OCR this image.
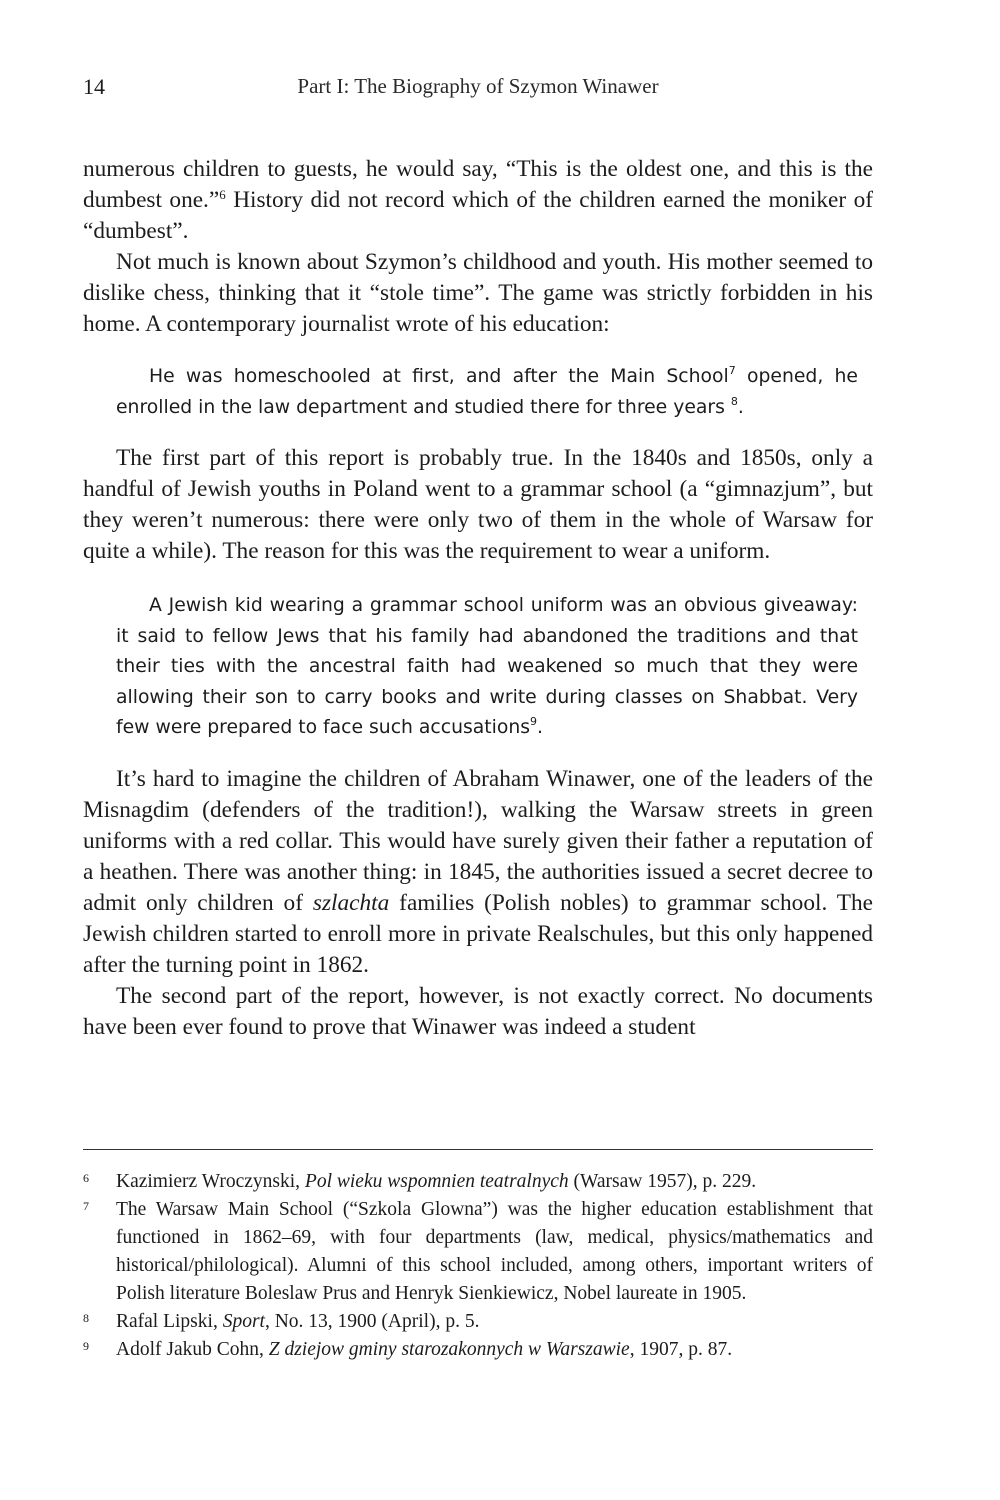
14	Part I: The Biography of Szymon Winawer

numerous children to guests, he would say, “This is the oldest one, and this is the dumbest one.”$^6$ History did not record which of the children earned the moniker of “dumbest”.

Not much is known about Szymon’s childhood and youth. His mother seemed to dislike chess, thinking that it “stole time”. The game was strictly forbidden in his home. A contemporary journalist wrote of his education:

He was homeschooled at first, and after the Main School$^7$ opened, he enrolled in the law department and studied there for three years $^8$.

The first part of this report is probably true. In the 1840s and 1850s, only a handful of Jewish youths in Poland went to a grammar school (a “gimnazjum”, but they weren’t numerous: there were only two of them in the whole of Warsaw for quite a while). The reason for this was the requirement to wear a uniform.

A Jewish kid wearing a grammar school uniform was an obvious giveaway: it said to fellow Jews that his family had abandoned the traditions and that their ties with the ancestral faith had weakened so much that they were allowing their son to carry books and write during classes on Shabbat. Very few were prepared to face such accusations$^9$.

It’s hard to imagine the children of Abraham Winawer, one of the leaders of the Misnagdim (defenders of the tradition!), walking the Warsaw streets in green uniforms with a red collar. This would have surely given their father a reputation of a heathen. There was another thing: in 1845, the authorities issued a secret decree to admit only children of szlachta families (Polish nobles) to grammar school. The Jewish children started to enroll more in private Realschules, but this only happened after the turning point in 1862.

The second part of the report, however, is not exactly correct. No documents have been ever found to prove that Winawer was indeed a student

6	Kazimierz Wroczynski, Pol wieku wspomnien teatralnych (Warsaw 1957), p. 229.
7	The Warsaw Main School (“Szkola Glowna”) was the higher education establishment that functioned in 1862–69, with four departments (law, medical, physics/mathematics and historical/philological). Alumni of this school included, among others, important writers of Polish literature Boleslaw Prus and Henryk Sienkiewicz, Nobel laureate in 1905.
8	Rafal Lipski, Sport, No. 13, 1900 (April), p. 5.
9	Adolf Jakub Cohn, Z dziejow gminy starozakonnych w Warszawie, 1907, p. 87.
